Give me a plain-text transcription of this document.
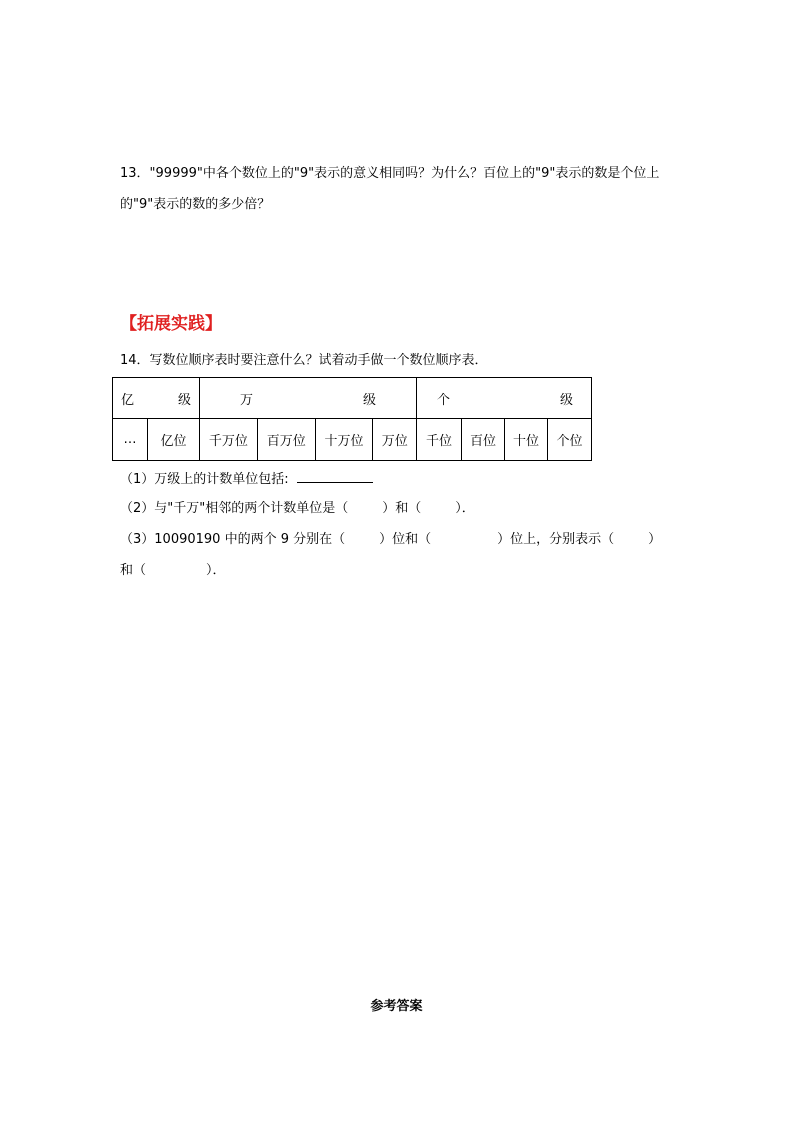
13．"99999"中各个数位上的"9"表示的意义相同吗？为什么？百位上的"9"表示的数是个位上
的"9"表示的数的多少倍？
【拓展实践】
14．写数位顺序表时要注意什么？试着动手做一个数位顺序表．
亿 级		万 级				个 级			

…	亿位	千万位	百万位	十万位	万位	千位	百位	十位	个位
（1）万级上的计数单位包括:
（2）与"千万"相邻的两个计数单位是（	）和（	）．
（3）10090190 中的两个 9 分别在（	）位和（	）位上，分别表示（	）
和（	）．
参考答案
